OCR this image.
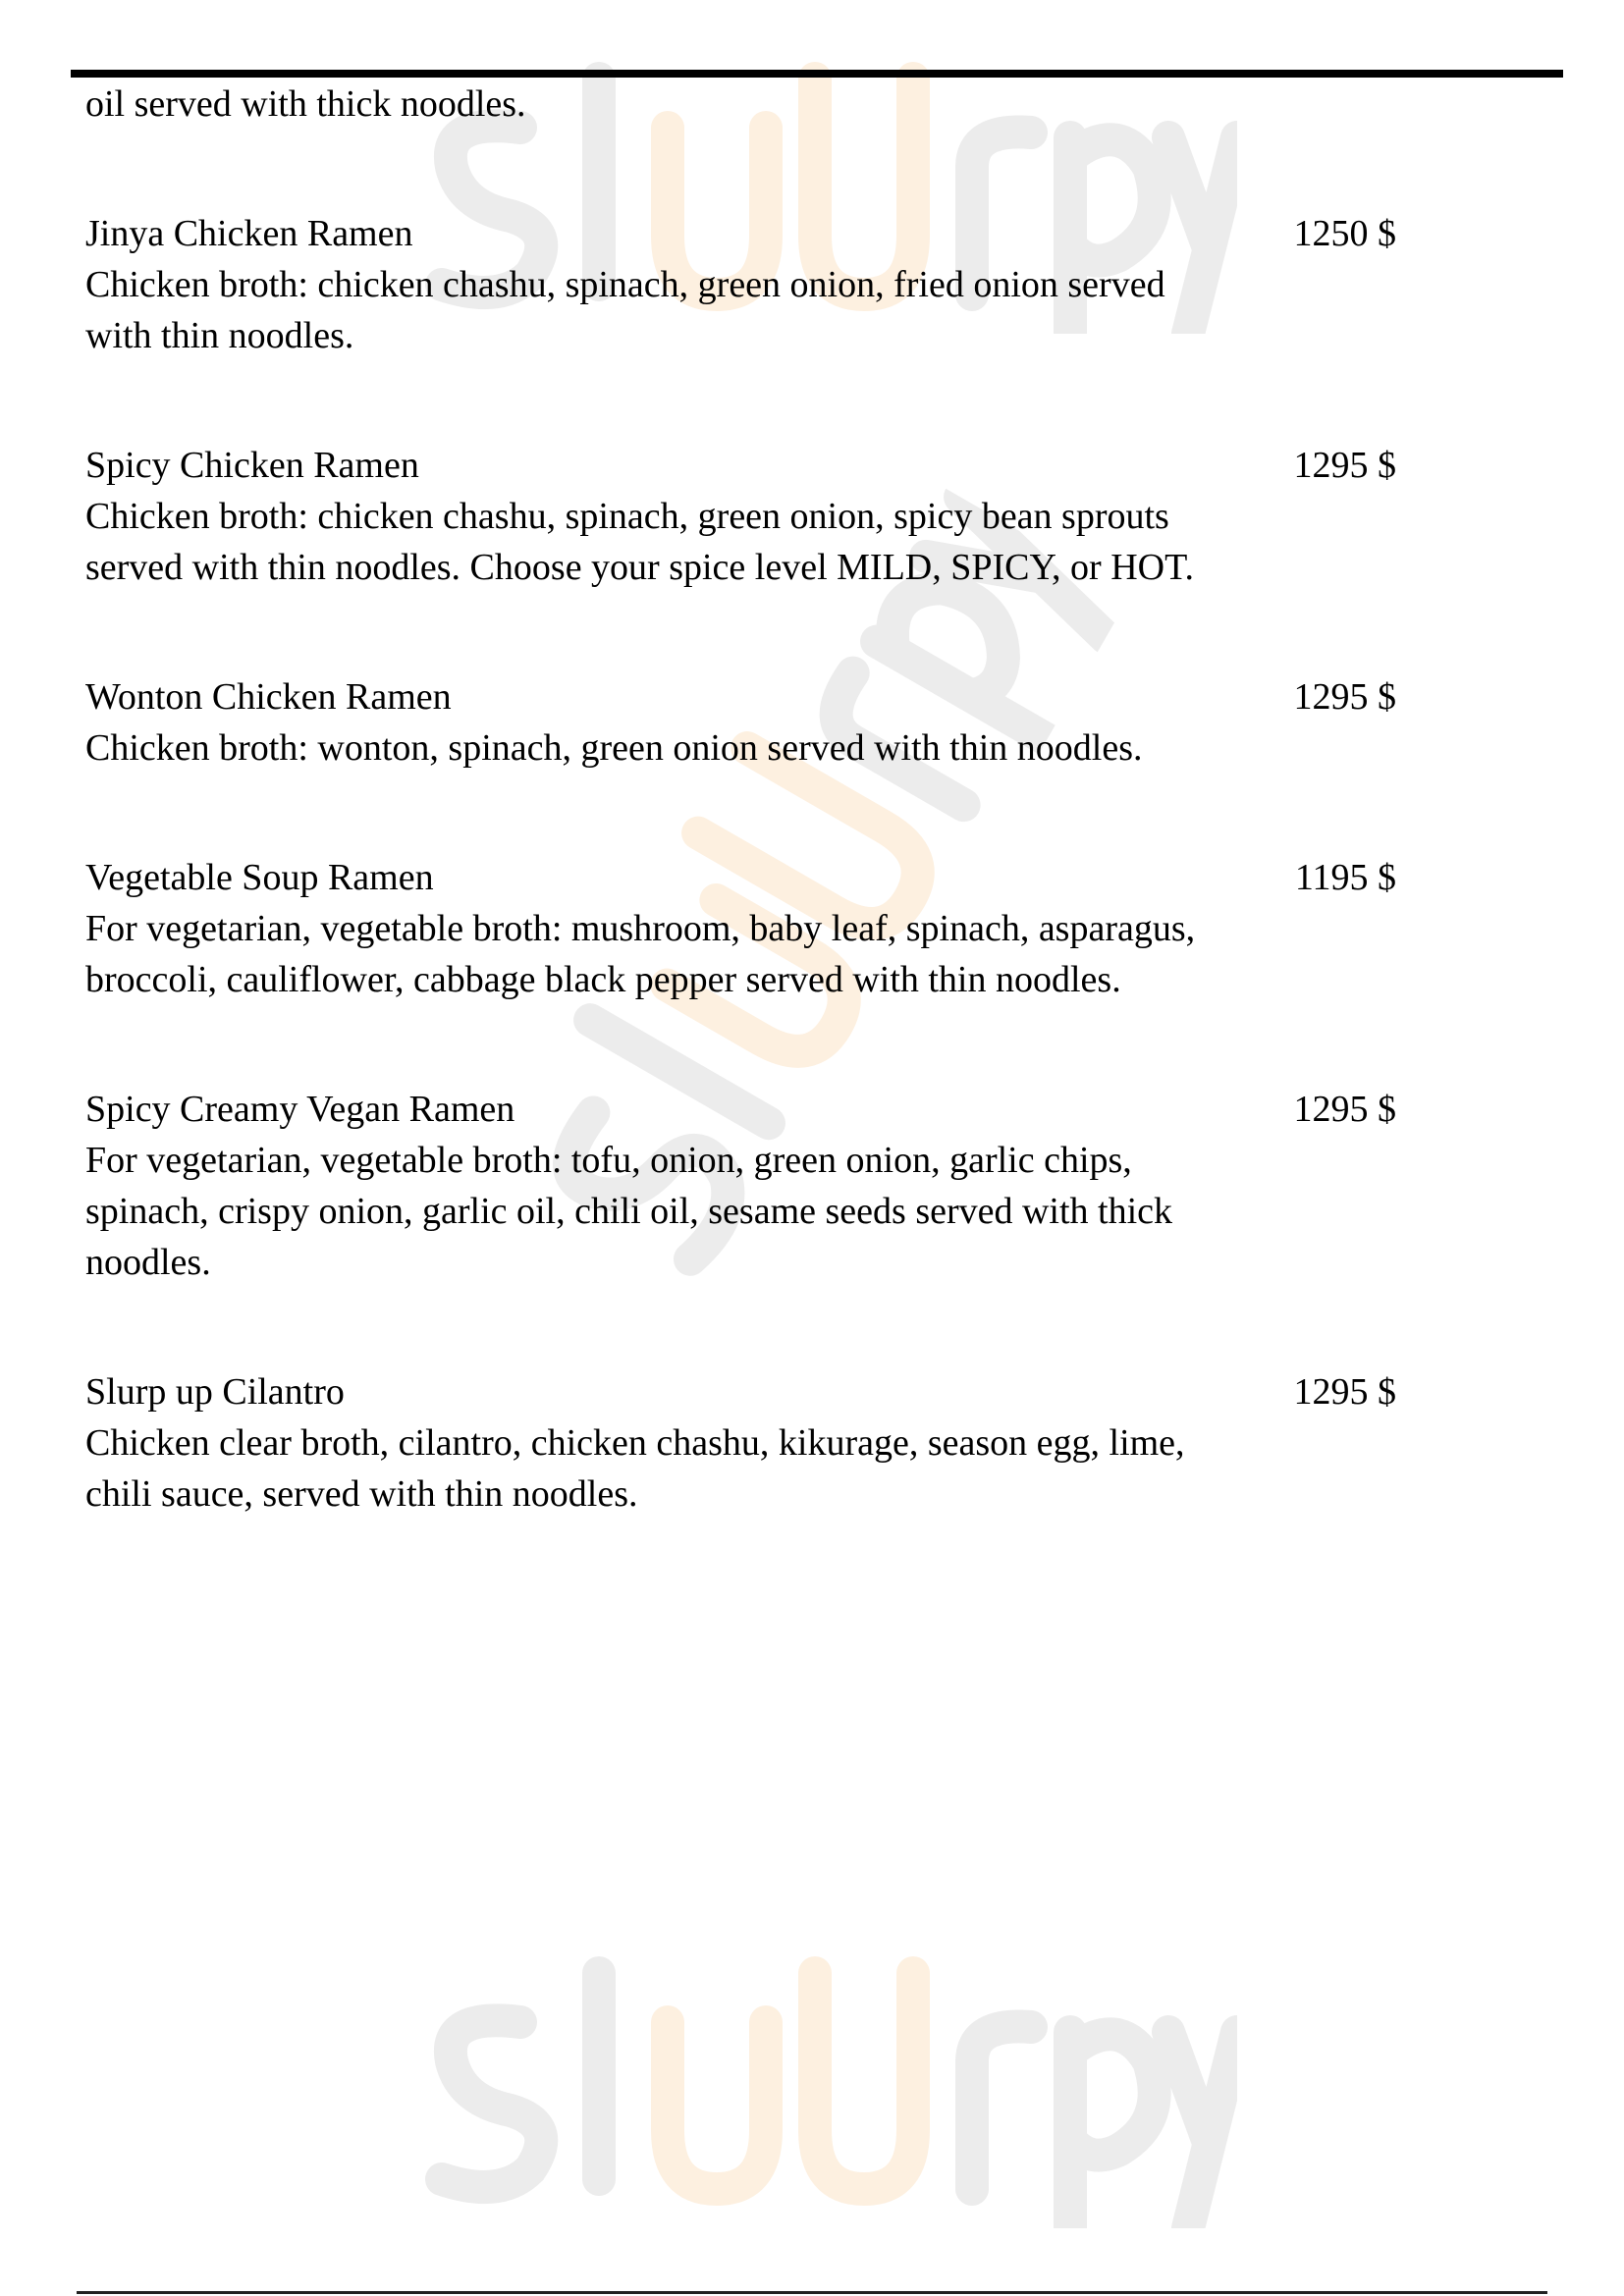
oil served with thick noodles.
Jinya Chicken Ramen	1250 $
Chicken broth: chicken chashu, spinach, green onion, fried onion served with thin noodles.
Spicy Chicken Ramen	1295 $
Chicken broth: chicken chashu, spinach, green onion, spicy bean sprouts served with thin noodles. Choose your spice level MILD, SPICY, or HOT.
Wonton Chicken Ramen	1295 $
Chicken broth: wonton, spinach, green onion served with thin noodles.
Vegetable Soup Ramen	1195 $
For vegetarian, vegetable broth: mushroom, baby leaf, spinach, asparagus, broccoli, cauliflower, cabbage black pepper served with thin noodles.
Spicy Creamy Vegan Ramen	1295 $
For vegetarian, vegetable broth: tofu, onion, green onion, garlic chips, spinach, crispy onion, garlic oil, chili oil, sesame seeds served with thick noodles.
Slurp up Cilantro	1295 $
Chicken clear broth, cilantro, chicken chashu, kikurage, season egg, lime, chili sauce, served with thin noodles.
